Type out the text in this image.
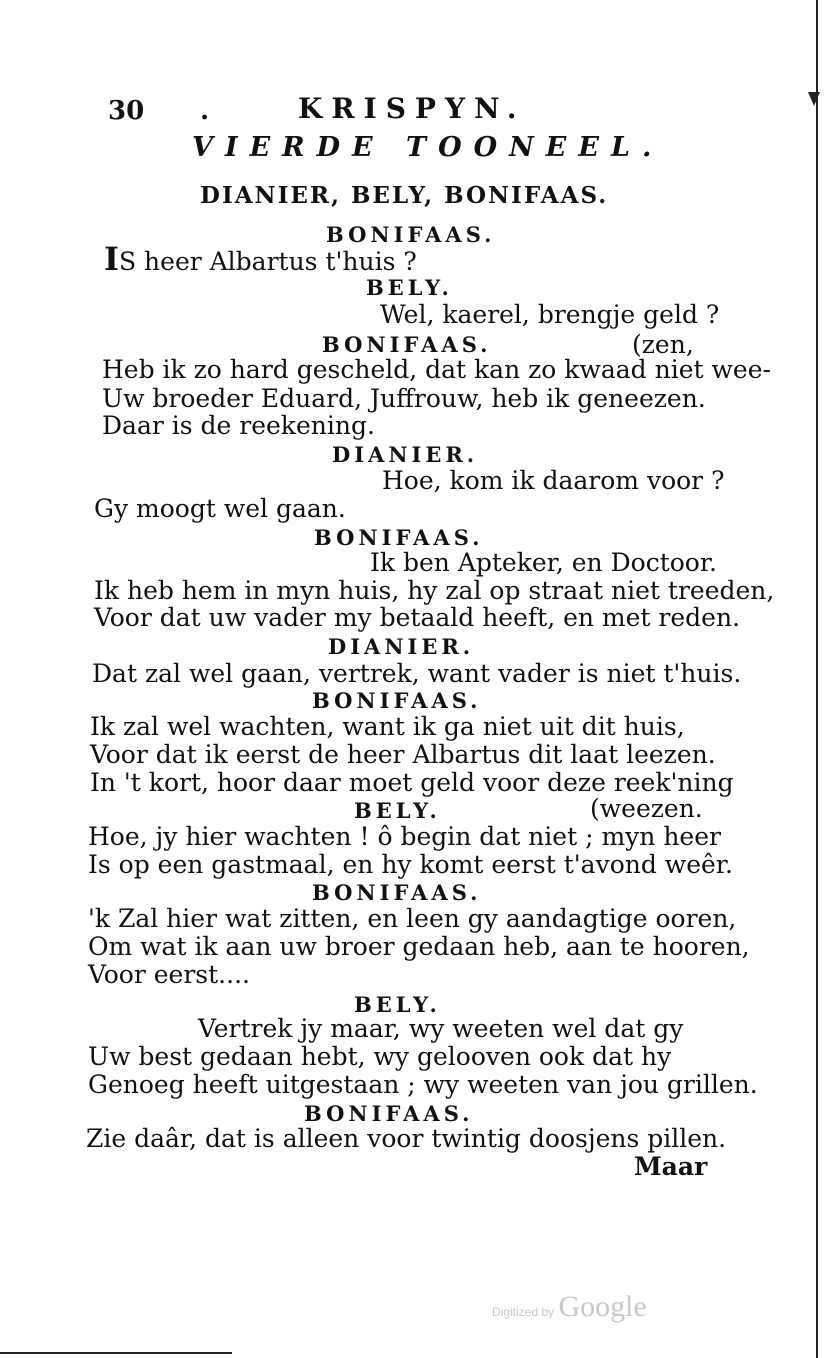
30 .	KRISPYN.
VIERDE TOONEEL.
DIANIER, BELY, BONIFAAS.
BONIFAAS.
IS heer Albartus t'huis ?
BELY.
Wel, kaerel, brengje geld ?
BONIFAAS.	(zen,
Heb ik zo hard gescheld, dat kan zo kwaad niet wee-
Uw broeder Eduard, Juffrouw, heb ik geneezen.
Daar is de reekening.
DIANIER.
Hoe, kom ik daarom voor ?
Gy moogt wel gaan.
BONIFAAS.
Ik ben Apteker, en Doctoor.
Ik heb hem in myn huis, hy zal op straat niet treeden,
Voor dat uw vader my betaald heeft, en met reden.
DIANIER.
Dat zal wel gaan, vertrek, want vader is niet t'huis.
BONIFAAS.
Ik zal wel wachten, want ik ga niet uit dit huis,
Voor dat ik eerst de heer Albartus dit laat leezen.
In 't kort, hoor daar moet geld voor deze reek'ning
BELY.	(weezen.
Hoe, jy hier wachten ! ô begin dat niet ; myn heer
Is op een gastmaal, en hy komt eerst t'avond weêr.
BONIFAAS.
'k Zal hier wat zitten, en leen gy aandagtige ooren,
Om wat ik aan uw broer gedaan heb, aan te hooren,
Voor eerst....
BELY.
Vertrek jy maar, wy weeten wel dat gy
Uw best gedaan hebt, wy gelooven ook dat hy
Genoeg heeft uitgestaan ; wy weeten van jou grillen.
BONIFAAS.
Zie daâr, dat is alleen voor twintig doosjens pillen.
Maar
Digitized by Google
